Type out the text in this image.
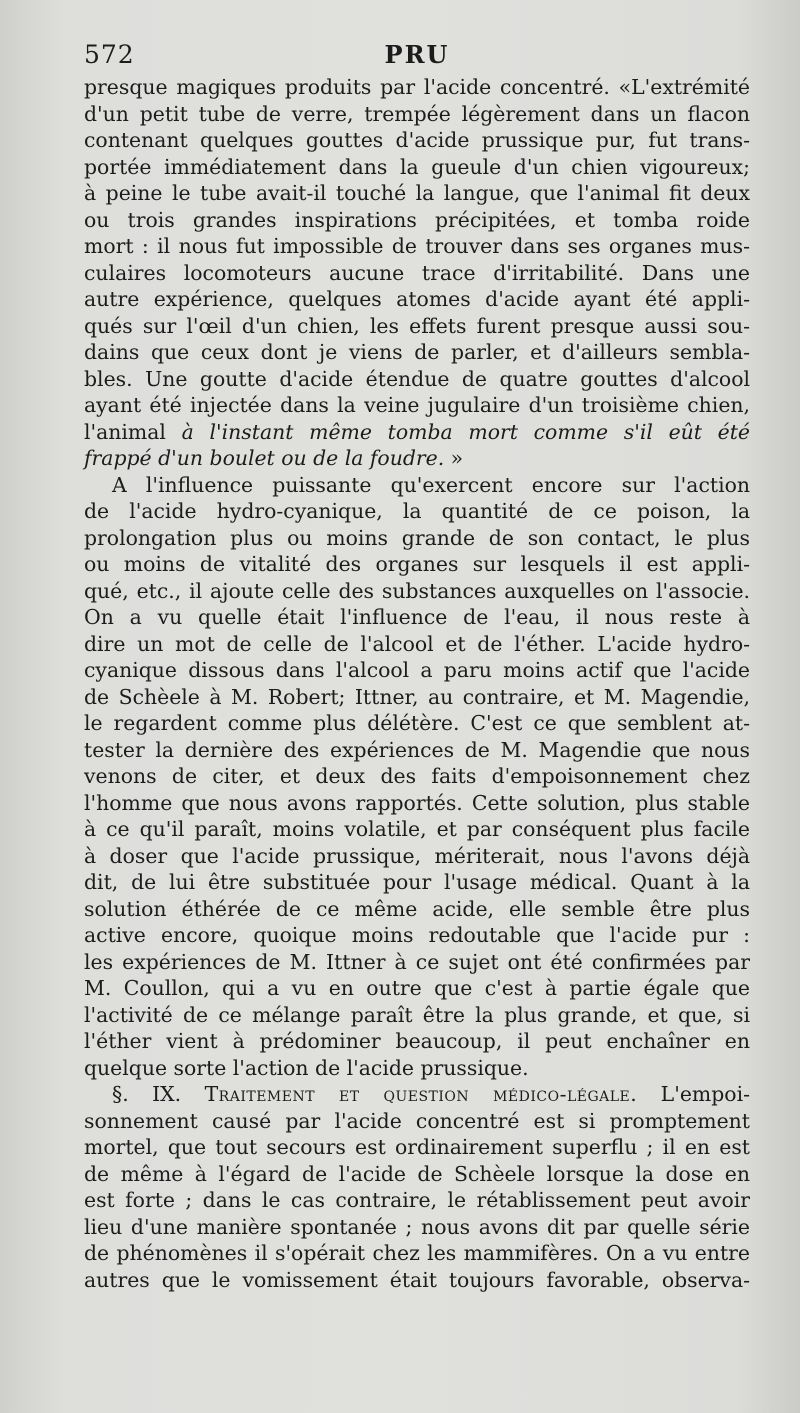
572	PRU
presque magiques produits par l'acide concentré. «L'extrémité
d'un petit tube de verre, trempée légèrement dans un flacon
contenant quelques gouttes d'acide prussique pur, fut trans-
portée immédiatement dans la gueule d'un chien vigoureux;
à peine le tube avait-il touché la langue, que l'animal fit deux
ou trois grandes inspirations précipitées, et tomba roide
mort : il nous fut impossible de trouver dans ses organes mus-
culaires locomoteurs aucune trace d'irritabilité. Dans une
autre expérience, quelques atomes d'acide ayant été appli-
qués sur l'œil d'un chien, les effets furent presque aussi sou-
dains que ceux dont je viens de parler, et d'ailleurs sembla-
bles. Une goutte d'acide étendue de quatre gouttes d'alcool
ayant été injectée dans la veine jugulaire d'un troisième chien,
l'animal à l'instant même tomba mort comme s'il eût été
frappé d'un boulet ou de la foudre. »
A l'influence puissante qu'exercent encore sur l'action
de l'acide hydro-cyanique, la quantité de ce poison, la
prolongation plus ou moins grande de son contact, le plus
ou moins de vitalité des organes sur lesquels il est appli-
qué, etc., il ajoute celle des substances auxquelles on l'associe.
On a vu quelle était l'influence de l'eau, il nous reste à
dire un mot de celle de l'alcool et de l'éther. L'acide hydro-
cyanique dissous dans l'alcool a paru moins actif que l'acide
de Schèele à M. Robert; Ittner, au contraire, et M. Magendie,
le regardent comme plus délétère. C'est ce que semblent at-
tester la dernière des expériences de M. Magendie que nous
venons de citer, et deux des faits d'empoisonnement chez
l'homme que nous avons rapportés. Cette solution, plus stable
à ce qu'il paraît, moins volatile, et par conséquent plus facile
à doser que l'acide prussique, mériterait, nous l'avons déjà
dit, de lui être substituée pour l'usage médical. Quant à la
solution éthérée de ce même acide, elle semble être plus
active encore, quoique moins redoutable que l'acide pur :
les expériences de M. Ittner à ce sujet ont été confirmées par
M. Coullon, qui a vu en outre que c'est à partie égale que
l'activité de ce mélange paraît être la plus grande, et que, si
l'éther vient à prédominer beaucoup, il peut enchaîner en
quelque sorte l'action de l'acide prussique.
§. IX. Traitement et question médico-légale. L'empoi-
sonnement causé par l'acide concentré est si promptement
mortel, que tout secours est ordinairement superflu ; il en est
de même à l'égard de l'acide de Schèele lorsque la dose en
est forte ; dans le cas contraire, le rétablissement peut avoir
lieu d'une manière spontanée ; nous avons dit par quelle série
de phénomènes il s'opérait chez les mammifères. On a vu entre
autres que le vomissement était toujours favorable, observa-
